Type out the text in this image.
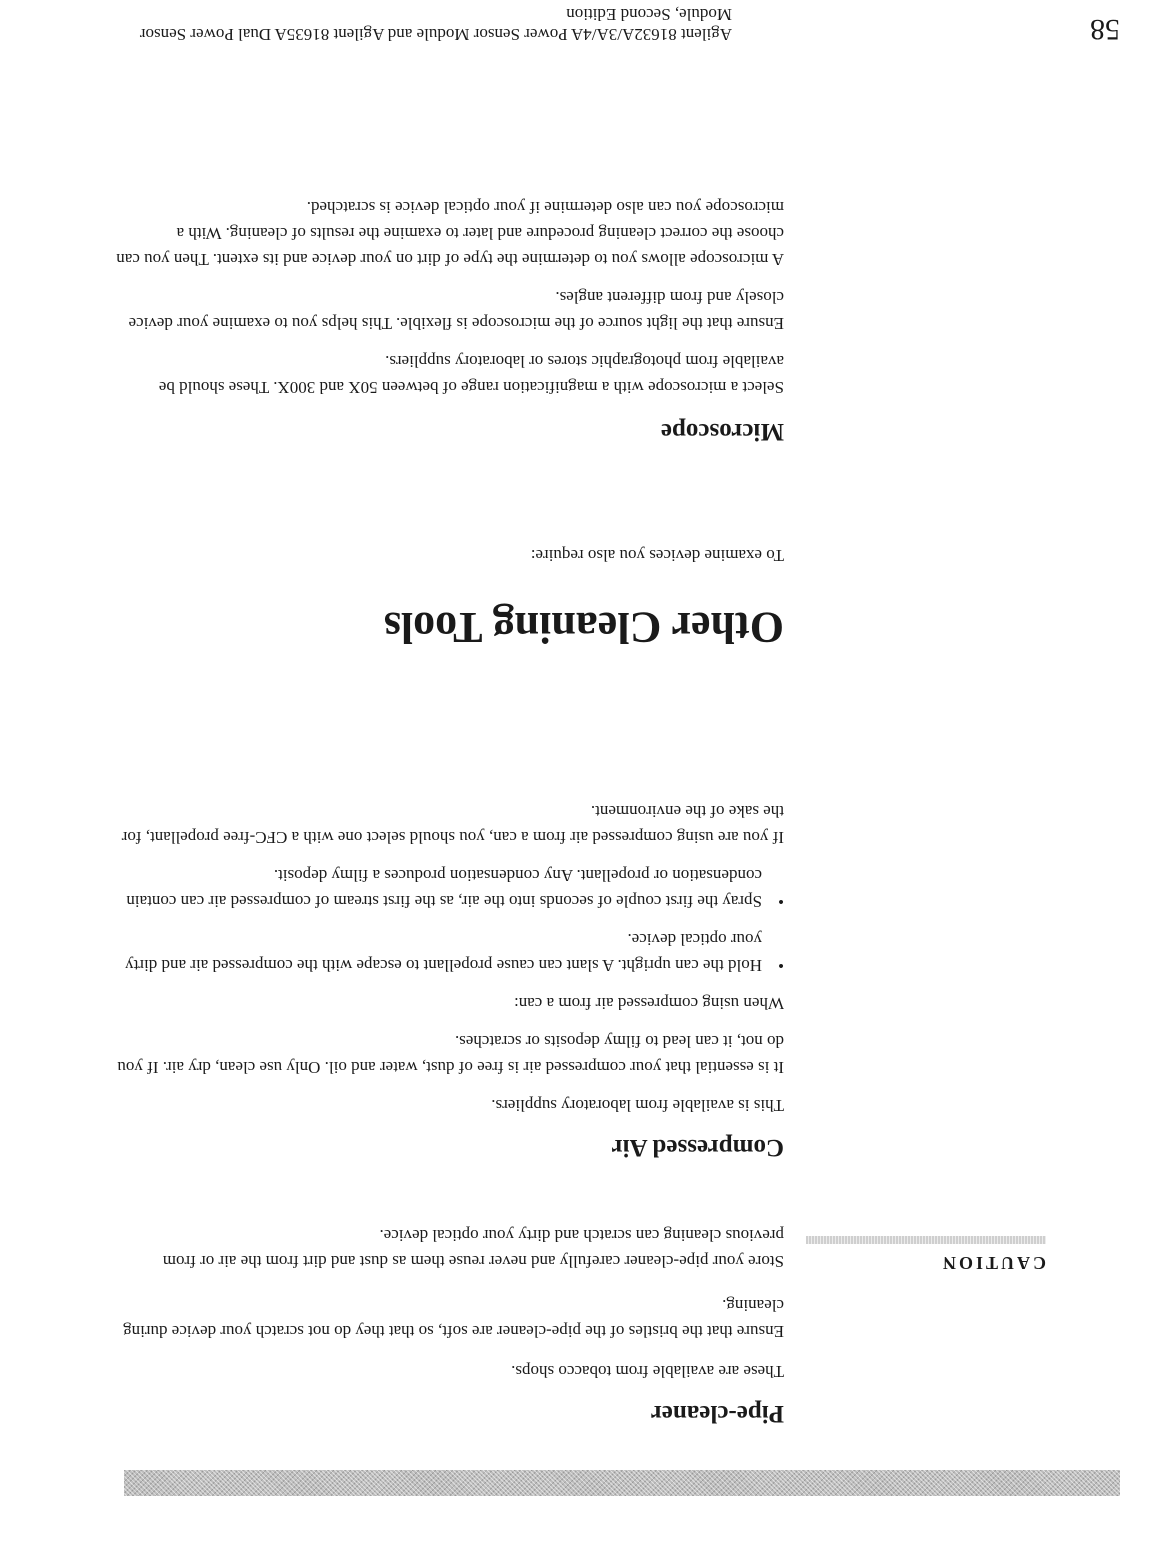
Pipe-cleaner

These are available from tobacco shops.

Ensure that the bristles of the pipe-cleaner are soft, so that they do not scratch your device during cleaning.

CAUTION

Store your pipe-cleaner carefully and never reuse them as dust and dirt from the air or from previous cleaning can scratch and dirty your optical device.

Compressed Air

This is available from laboratory suppliers.

It is essential that your compressed air is free of dust, water and oil. Only use clean, dry air. If you do not, it can lead to filmy deposits or scratches.

When using compressed air from a can:

• Hold the can upright. A slant can cause propellant to escape with the compressed air and dirty your optical device.
• Spray the first couple of seconds into the air, as the first stream of compressed air can contain condensation or propellant. Any condensation produces a filmy deposit.

If you are using compressed air from a can, you should select one with a CFC-free propellant, for the sake of the environment.

Other Cleaning Tools

To examine devices you also require:

Microscope

Select a microscope with a magnification range of between 50X and 300X. These should be available from photographic stores or laboratory suppliers.

Ensure that the light source of the microscope is flexible. This helps you to examine your device closely and from different angles.

A microscope allows you to determine the type of dirt on your device and its extent. Then you can choose the correct cleaning procedure and later to examine the results of cleaning. With a microscope you can also determine if your optical device is scratched.

58
Agilent 81632A/3A/4A Power Sensor Module and Agilent 81635A Dual Power Sensor Module, Second Edition
